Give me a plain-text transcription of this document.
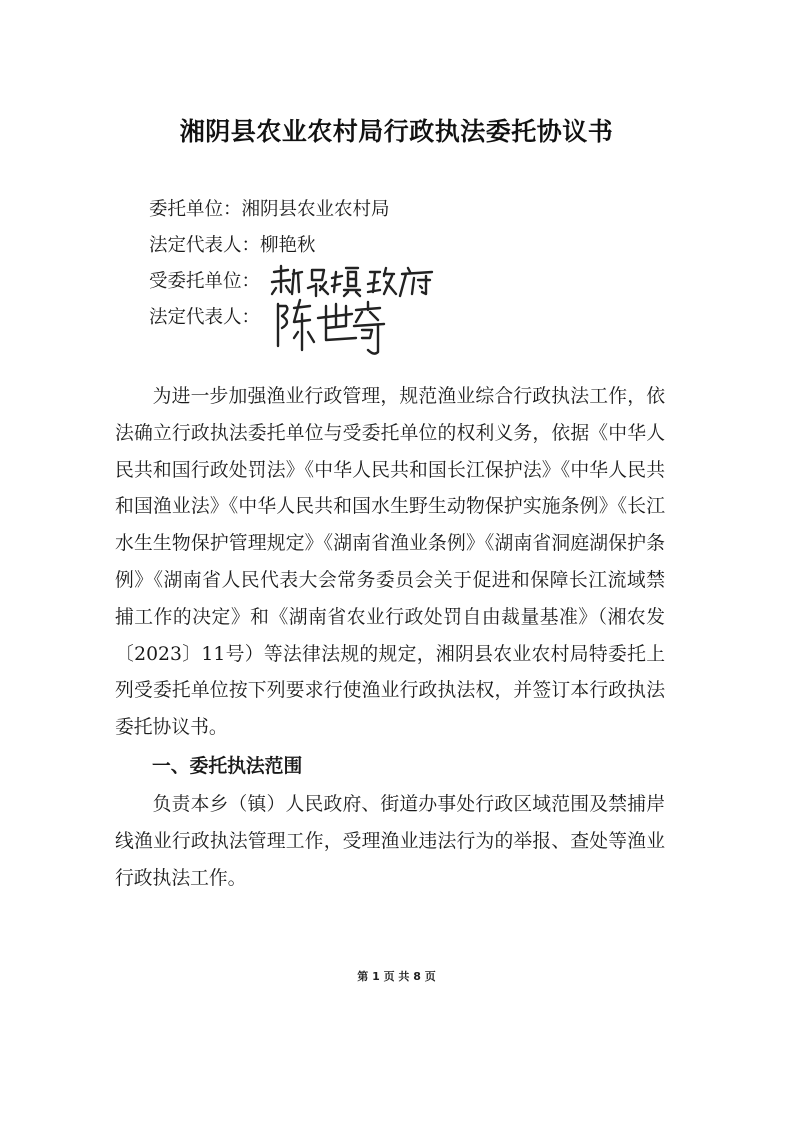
湘阴县农业农村局行政执法委托协议书
委托单位：湘阴县农业农村局
法定代表人：柳艳秋
受委托单位：
法定代表人：
为进一步加强渔业行政管理，规范渔业综合行政执法工作，依法确立行政执法委托单位与受委托单位的权利义务，依据《中华人民共和国行政处罚法》《中华人民共和国长江保护法》《中华人民共和国渔业法》《中华人民共和国水生野生动物保护实施条例》《长江水生生物保护管理规定》《湖南省渔业条例》《湖南省洞庭湖保护条例》《湖南省人民代表大会常务委员会关于促进和保障长江流域禁捕工作的决定》和《湖南省农业行政处罚自由裁量基准》（湘农发〔2023〕11号）等法律法规的规定，湘阴县农业农村局特委托上列受委托单位按下列要求行使渔业行政执法权，并签订本行政执法委托协议书。
一、委托执法范围
负责本乡（镇）人民政府、街道办事处行政区域范围及禁捕岸线渔业行政执法管理工作，受理渔业违法行为的举报、查处等渔业行政执法工作。
第 1 页 共 8 页
